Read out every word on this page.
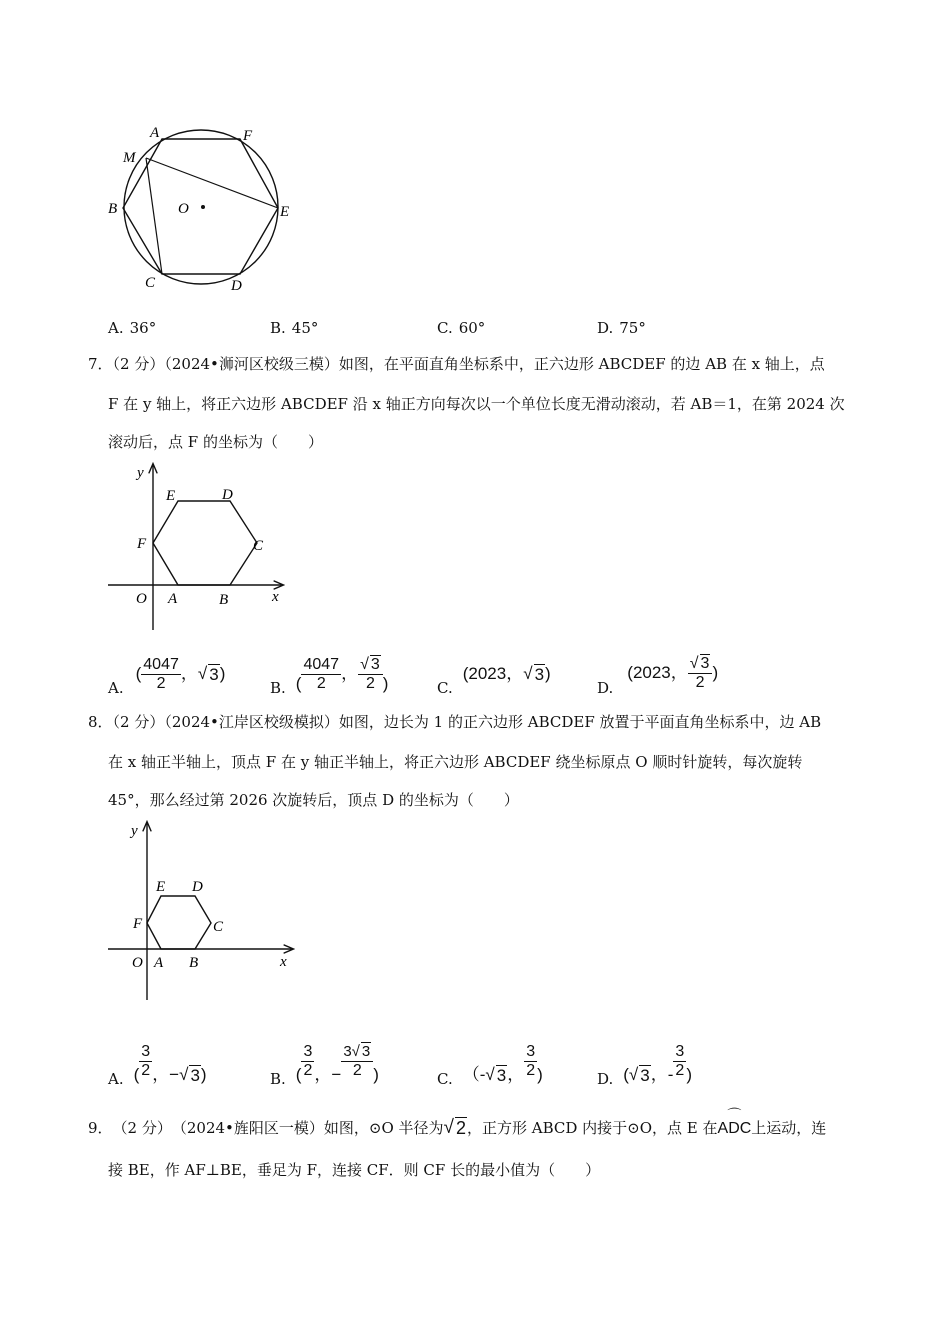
A	F
M
B	O	E
C	D
A. 36°	B. 45°	C. 60°	D. 75°
7．（2 分）（2024•浉河区校级三模）如图，在平面直角坐标系中，正六边形 ABCDEF 的边 AB 在 x 轴上，点
F 在 y 轴上，将正六边形 ABCDEF 沿 x 轴正方向每次以一个单位长度无滑动滚动，若 AB＝1，在第 2024 次
滚动后，点 F 的坐标为（　　）
y
x
O A	B
C
D
E
F
A.
( $\frac{4047}{2}$ ，√ 3 )
B. ( $\frac{4047}{2}$ ， $\frac{√ 3}{2}$ )	C.
( 2023 ，√ 3 )
D.
( 2023 ， $\frac{√ 3}{2}$ )
8．（2 分）（2024•江岸区校级模拟）如图，边长为 1 的正六边形 ABCDEF 放置于平面直角坐标系中，边 AB
在 x 轴正半轴上，顶点 F 在 y 轴正半轴上，将正六边形 ABCDEF 绕坐标原点 O 顺时针旋转，每次旋转
45°，那么经过第 2026 次旋转后，顶点 D 的坐标为（　　）
y
x
O A B
C
D
E
F
A. ( $\frac{3}{2}$ ，−√ 3 )	B. ( $\frac{3}{2}$ ，− $\frac{3√ 3}{2}$ )	C. （-√ 3 ， $\frac{3}{2}$ )	D. (√ 3 ，- $\frac{3}{2}$ )
9． （2 分） （2024•旌阳区一模） 如图，⊙O 半径为 √ 2 ，正方形 ABCD 内接于⊙O，点 E 在
⌒
ADC 上运动，连
接 BE，作 AF⊥BE，垂足为 F，连接 CF．则 CF 长的最小值为（　　）
